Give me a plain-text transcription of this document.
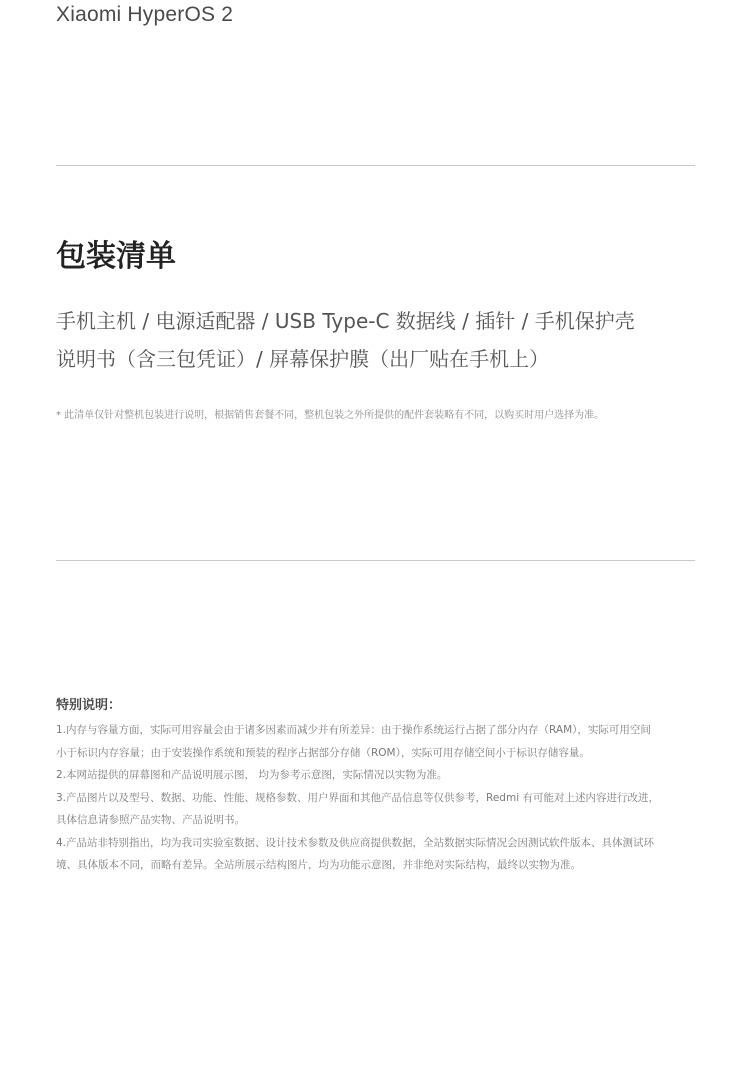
Xiaomi HyperOS 2
包装清单
手机主机 / 电源适配器 / USB Type-C 数据线 / 插针 / 手机保护壳
说明书（含三包凭证）/ 屏幕保护膜（出厂贴在手机上）
* 此清单仅针对整机包装进行说明，根据销售套餐不同，整机包装之外所提供的配件套装略有不同，以购买时用户选择为准。
特别说明：
1.内存与容量方面，实际可用容量会由于诸多因素而减少并有所差异：由于操作系统运行占据了部分内存（RAM），实际可用空间
小于标识内存容量；由于安装操作系统和预装的程序占据部分存储（ROM），实际可用存储空间小于标识存储容量。
2.本网站提供的屏幕图和产品说明展示图， 均为参考示意图，实际情况以实物为准。
3.产品图片以及型号、数据、功能、性能、规格参数、用户界面和其他产品信息等仅供参考，Redmi 有可能对上述内容进行改进，
具体信息请参照产品实物、产品说明书。
4.产品站非特别指出，均为我司实验室数据、设计技术参数及供应商提供数据，全站数据实际情况会因测试软件版本、具体测试环
境、具体版本不同，而略有差异。全站所展示结构图片，均为功能示意图，并非绝对实际结构，最终以实物为准。
